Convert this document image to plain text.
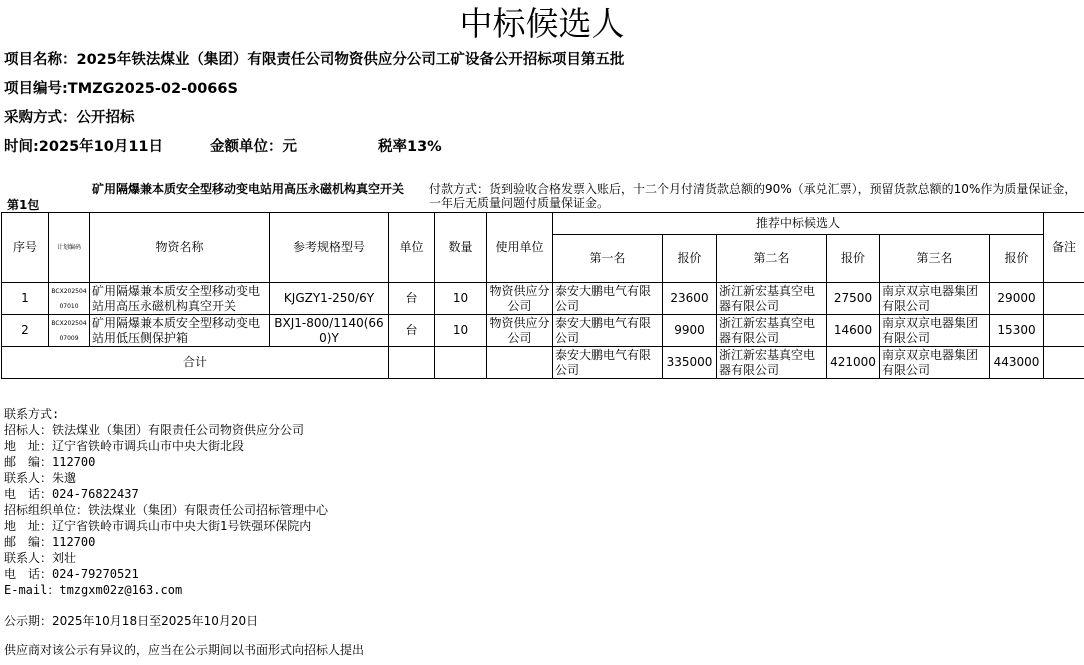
中标候选人
项目名称：2025年铁法煤业（集团）有限责任公司物资供应分公司工矿设备公开招标项目第五批
项目编号:TMZG2025-02-0066S
采购方式：公开招标
时间:2025年10月11日	金额单位：元	税率13%
第1包
矿用隔爆兼本质安全型移动变电站用高压永磁机构真空开关	付款方式：货到验收合格发票入账后，十二个月付清货款总额的90%（承兑汇票），预留货款总额的10%作为质量保证金，一年后无质量问题付质量保证金。
序号	计划编码	物资名称	参考规格型号	单位	数量	使用单位	推荐中标候选人						备注
							第一名	报价	第二名	报价	第三名	报价	
1	BCX20250407010	矿用隔爆兼本质安全型移动变电站用高压永磁机构真空开关	KJGZY1-250/6Y	台	10	物资供应分公司	泰安大鹏电气有限公司	23600	浙江新宏基真空电器有限公司	27500	南京双京电器集团有限公司	29000	
2	BCX20250407009	矿用隔爆兼本质安全型移动变电站用低压侧保护箱	BXJ1-800/1140(660)Y	台	10	物资供应分公司	泰安大鹏电气有限公司	9900	浙江新宏基真空电器有限公司	14600	南京双京电器集团有限公司	15300	
合计							泰安大鹏电气有限公司	335000	浙江新宏基真空电器有限公司	421000	南京双京电器集团有限公司	443000	
联系方式:
招标人：铁法煤业（集团）有限责任公司物资供应分公司
地　址：辽宁省铁岭市调兵山市中央大街北段
邮　编：112700
联系人：朱邈
电　话：024-76822437
招标组织单位：铁法煤业（集团）有限责任公司招标管理中心
地　址：辽宁省铁岭市调兵山市中央大街1号铁强环保院内
邮　编：112700
联系人：刘壮
电　话：024-79270521
E-mail：tmzgxm02z@163.com
公示期：2025年10月18日至2025年10月20日
供应商对该公示有异议的，应当在公示期间以书面形式向招标人提出
